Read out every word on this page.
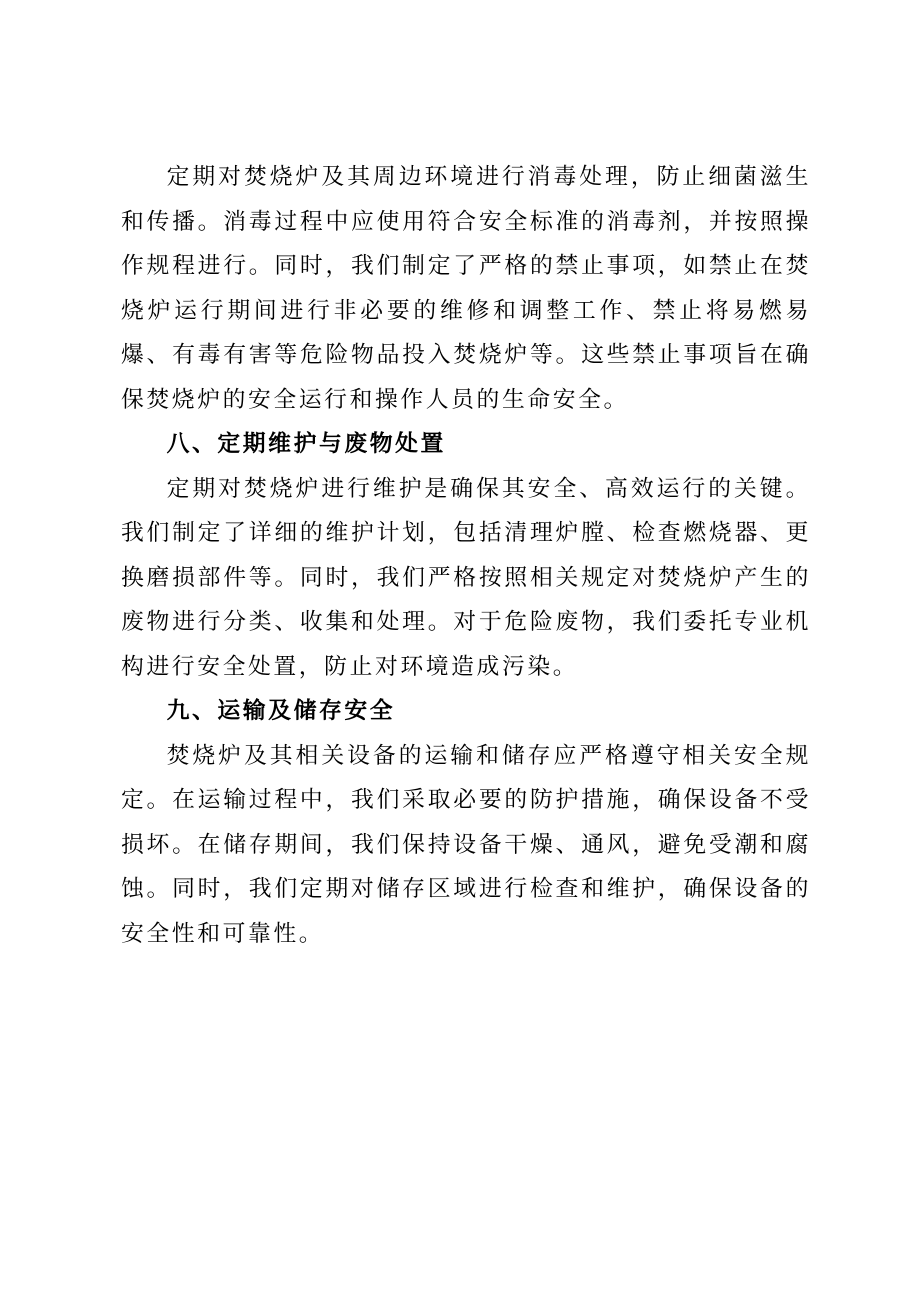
定期对焚烧炉及其周边环境进行消毒处理，防止细菌滋生和传播。消毒过程中应使用符合安全标准的消毒剂，并按照操作规程进行。同时，我们制定了严格的禁止事项，如禁止在焚烧炉运行期间进行非必要的维修和调整工作、禁止将易燃易爆、有毒有害等危险物品投入焚烧炉等。这些禁止事项旨在确保焚烧炉的安全运行和操作人员的生命安全。

八、定期维护与废物处置

定期对焚烧炉进行维护是确保其安全、高效运行的关键。我们制定了详细的维护计划，包括清理炉膛、检查燃烧器、更换磨损部件等。同时，我们严格按照相关规定对焚烧炉产生的废物进行分类、收集和处理。对于危险废物，我们委托专业机构进行安全处置，防止对环境造成污染。

九、运输及储存安全

焚烧炉及其相关设备的运输和储存应严格遵守相关安全规定。在运输过程中，我们采取必要的防护措施，确保设备不受损坏。在储存期间，我们保持设备干燥、通风，避免受潮和腐蚀。同时，我们定期对储存区域进行检查和维护，确保设备的安全性和可靠性。
